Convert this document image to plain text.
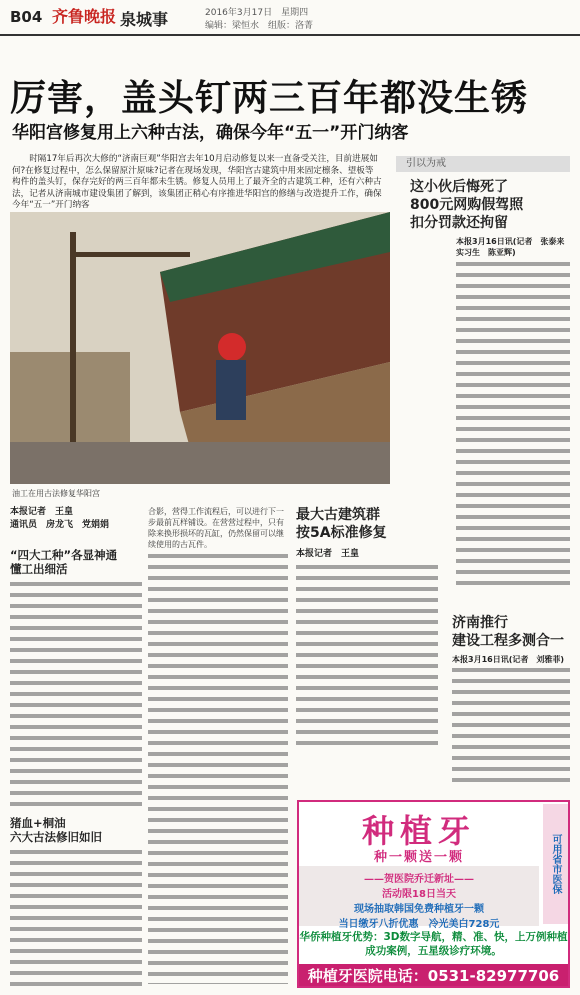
B04 齐鲁晚报 泉城事	2016年3月17日　星期四
编辑：梁恒水　组版：洛菁
厉害，盖头钉两三百年都没生锈
华阳宫修复用上六种古法，确保今年“五一”开门纳客
　　时隔17年后再次大修的“济南巨观”华阳宫去年10月启动修复以来一直备受关注，目前进展如何?在修复过程中，怎么保留原汁原味?记者在现场发现，华阳宫古建筑中用来固定檩条、望板等构件的盖头钉，保存完好的两三百年都未生锈。修复人员用上了最齐全的古建筑工种，还有六种古法，记者从济南城市建设集团了解到，该集团正稍心有序推进华阳宫的修缮与改造提升工作，确保今年“五一”开门纳客
油工在用古法修复华阳宫
本报记者　王皇
通讯员　房龙飞　党娟娟
“四大工种”各显神通
懂工出细活
猪血+桐油
六大古法修旧如旧
合影，营得工作流程后，可以进行下一步最前瓦样铺设。在营营过程中，只有除来换形损坏的瓦缸，仍然保留可以继续使用的古瓦件。
最大古建筑群
按5A标准修复
本报记者　王皇
引以为戒
这小伙后悔死了
800元网购假驾照
扣分罚款还拘留
本报3月16日讯(记者　张泰来　实习生　陈亚辉)
济南推行
建设工程多测合一
本报3月16日讯(记者　刘雅菲)
种植牙
种一颗送一颗
——贺医院乔迁新址——
活动限18日当天
现场抽取韩国免费种植牙一颗
当日缴牙八折优惠　冷光美白728元
可用省市医保
华侨种植牙优势：3D数字导航，精、准、快，上万例种植成功案例，五星级诊疗环境。
种植牙医院电话：0531-82977706
